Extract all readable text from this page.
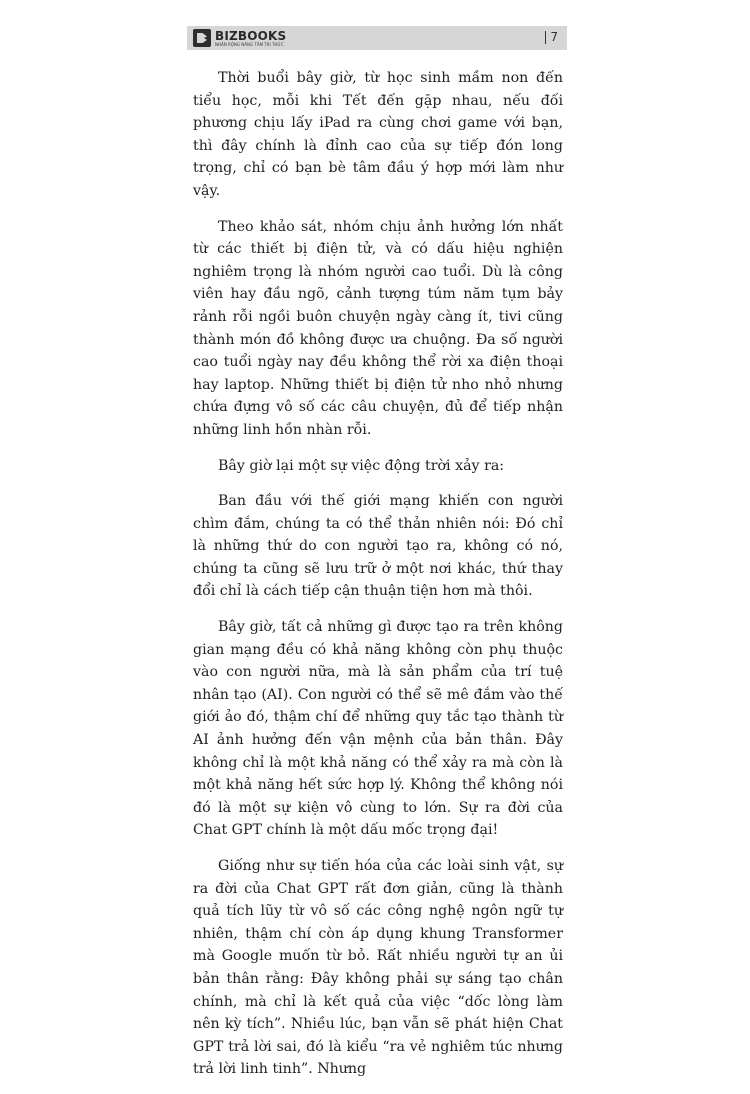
BIZBOOKS
NHẬN RỘNG NĂNG TẦM TRI THỨC	7

Thời buổi bây giờ, từ học sinh mầm non đến tiểu học, mỗi khi Tết đến gặp nhau, nếu đối phương chịu lấy iPad ra cùng chơi game với bạn, thì đây chính là đỉnh cao của sự tiếp đón long trọng, chỉ có bạn bè tâm đầu ý hợp mới làm như vậy.

Theo khảo sát, nhóm chịu ảnh hưởng lớn nhất từ các thiết bị điện tử, và có dấu hiệu nghiện nghiêm trọng là nhóm người cao tuổi. Dù là công viên hay đầu ngõ, cảnh tượng túm năm tụm bảy rảnh rỗi ngồi buôn chuyện ngày càng ít, tivi cũng thành món đồ không được ưa chuộng. Đa số người cao tuổi ngày nay đều không thể rời xa điện thoại hay laptop. Những thiết bị điện tử nho nhỏ nhưng chứa đựng vô số các câu chuyện, đủ để tiếp nhận những linh hồn nhàn rỗi.

Bây giờ lại một sự việc động trời xảy ra:

Ban đầu với thế giới mạng khiến con người chìm đắm, chúng ta có thể thản nhiên nói: Đó chỉ là những thứ do con người tạo ra, không có nó, chúng ta cũng sẽ lưu trữ ở một nơi khác, thứ thay đổi chỉ là cách tiếp cận thuận tiện hơn mà thôi.

Bây giờ, tất cả những gì được tạo ra trên không gian mạng đều có khả năng không còn phụ thuộc vào con người nữa, mà là sản phẩm của trí tuệ nhân tạo (AI). Con người có thể sẽ mê đắm vào thế giới ảo đó, thậm chí để những quy tắc tạo thành từ AI ảnh hưởng đến vận mệnh của bản thân. Đây không chỉ là một khả năng có thể xảy ra mà còn là một khả năng hết sức hợp lý. Không thể không nói đó là một sự kiện vô cùng to lớn. Sự ra đời của Chat GPT chính là một dấu mốc trọng đại!

Giống như sự tiến hóa của các loài sinh vật, sự ra đời của Chat GPT rất đơn giản, cũng là thành quả tích lũy từ vô số các công nghệ ngôn ngữ tự nhiên, thậm chí còn áp dụng khung Transformer mà Google muốn từ bỏ. Rất nhiều người tự an ủi bản thân rằng: Đây không phải sự sáng tạo chân chính, mà chỉ là kết quả của việc “dốc lòng làm nên kỳ tích”. Nhiều lúc, bạn vẫn sẽ phát hiện Chat GPT trả lời sai, đó là kiểu “ra vẻ nghiêm túc nhưng trả lời linh tinh”. Nhưng
